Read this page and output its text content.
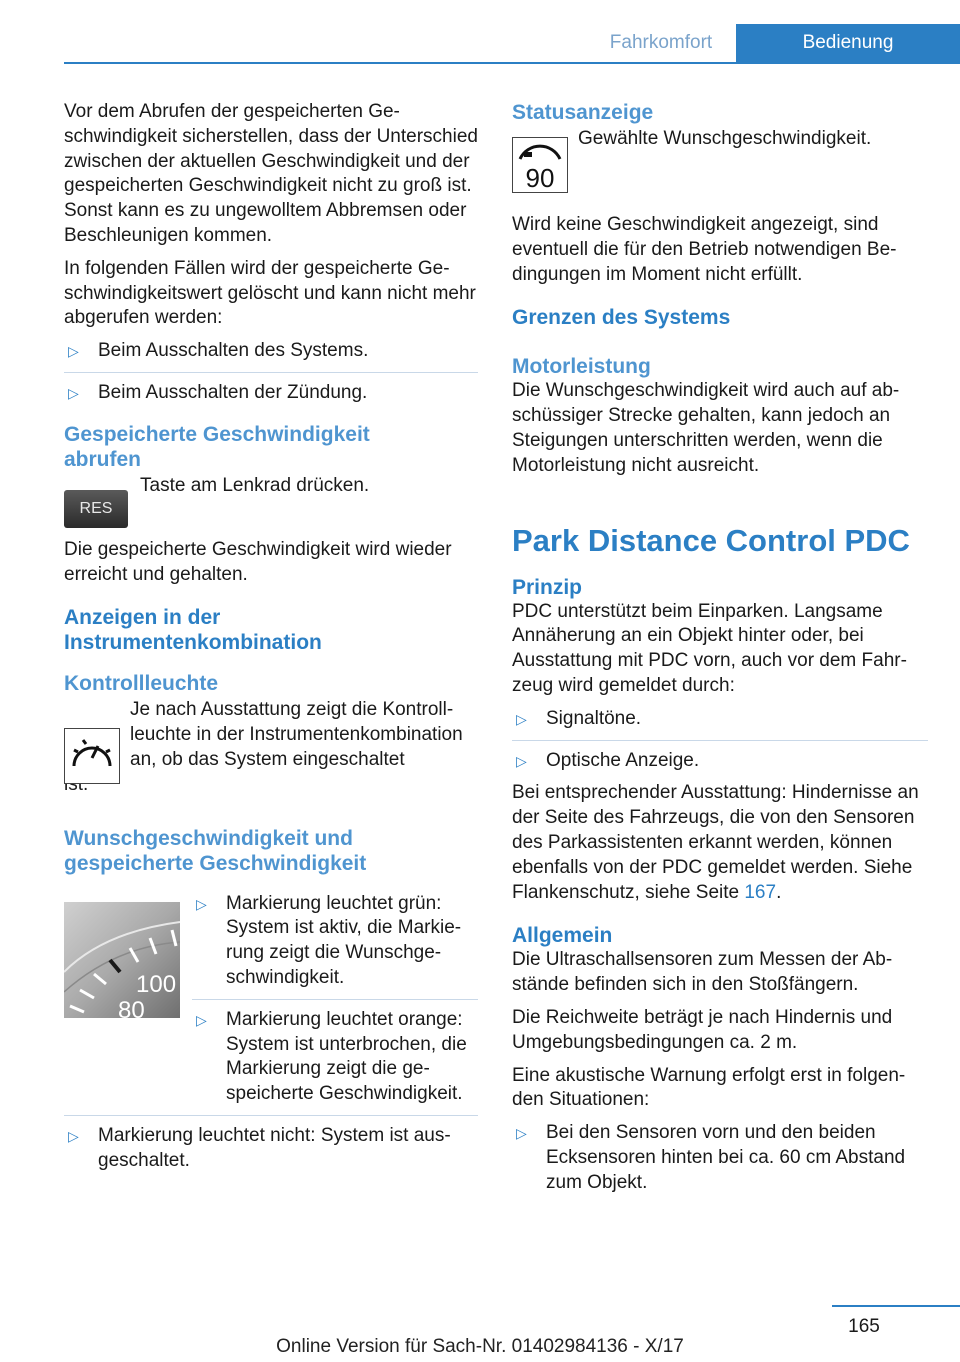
Fahrkomfort	Bedienung

Vor dem Abrufen der gespeicherten Geschwindigkeit sicherstellen, dass der Unterschied zwischen der aktuellen Geschwindigkeit und der gespeicherten Geschwindigkeit nicht zu groß ist. Sonst kann es zu ungewolltem Abbremsen oder Beschleunigen kommen.

In folgenden Fällen wird der gespeicherte Geschwindigkeitswert gelöscht und kann nicht mehr abgerufen werden:

▷ Beim Ausschalten des Systems.
▷ Beim Ausschalten der Zündung.
Gespeicherte Geschwindigkeit
abrufen
RES

Taste am Lenkrad drücken.

Die gespeicherte Geschwindigkeit wird wieder erreicht und gehalten.

Anzeigen in der
Instrumentenkombination
Kontrollleuchte

Je nach Ausstattung zeigt die Kontrollleuchte in der Instrumentenkombination an, ob das System eingeschaltet

Wunschgeschwindigkeit und
gespeicherte Geschwindigkeit
100
80
▷ Markierung leuchtet grün: System ist aktiv, die Markierung zeigt die Wunschgeschwindigkeit.
▷ Markierung leuchtet orange: System ist unterbrochen, die Markierung zeigt die gespeicherte Geschwindigkeit.
▷ Markierung leuchtet nicht: System ist ausgeschaltet.
Statusanzeige
90

Gewählte Wunschgeschwindigkeit.

Wird keine Geschwindigkeit angezeigt, sind eventuell die für den Betrieb notwendigen Bedingungen im Moment nicht erfüllt.

Grenzen des Systems
Motorleistung

Die Wunschgeschwindigkeit wird auch auf abschüssiger Strecke gehalten, kann jedoch an Steigungen unterschritten werden, wenn die Motorleistung nicht ausreicht.

Park Distance Control PDC
Prinzip

PDC unterstützt beim Einparken. Langsame Annäherung an ein Objekt hinter oder, bei Ausstattung mit PDC vorn, auch vor dem Fahrzeug wird gemeldet durch:

▷ Signaltöne.
▷ Optische Anzeige.

Bei entsprechender Ausstattung: Hindernisse an der Seite des Fahrzeugs, die von den Sensoren des Parkassistenten erkannt werden, können ebenfalls von der PDC gemeldet werden. Siehe Flankenschutz, siehe Seite 167.

Allgemein

Die Ultraschallsensoren zum Messen der Abstände befinden sich in den Stoßfängern.

Die Reichweite beträgt je nach Hindernis und Umgebungsbedingungen ca. 2 m.

Eine akustische Warnung erfolgt erst in folgenden Situationen:

▷ Bei den Sensoren vorn und den beiden Ecksensoren hinten bei ca. 60 cm Abstand zum Objekt.
165
Online Version für Sach-Nr. 01402984136 - X/17
